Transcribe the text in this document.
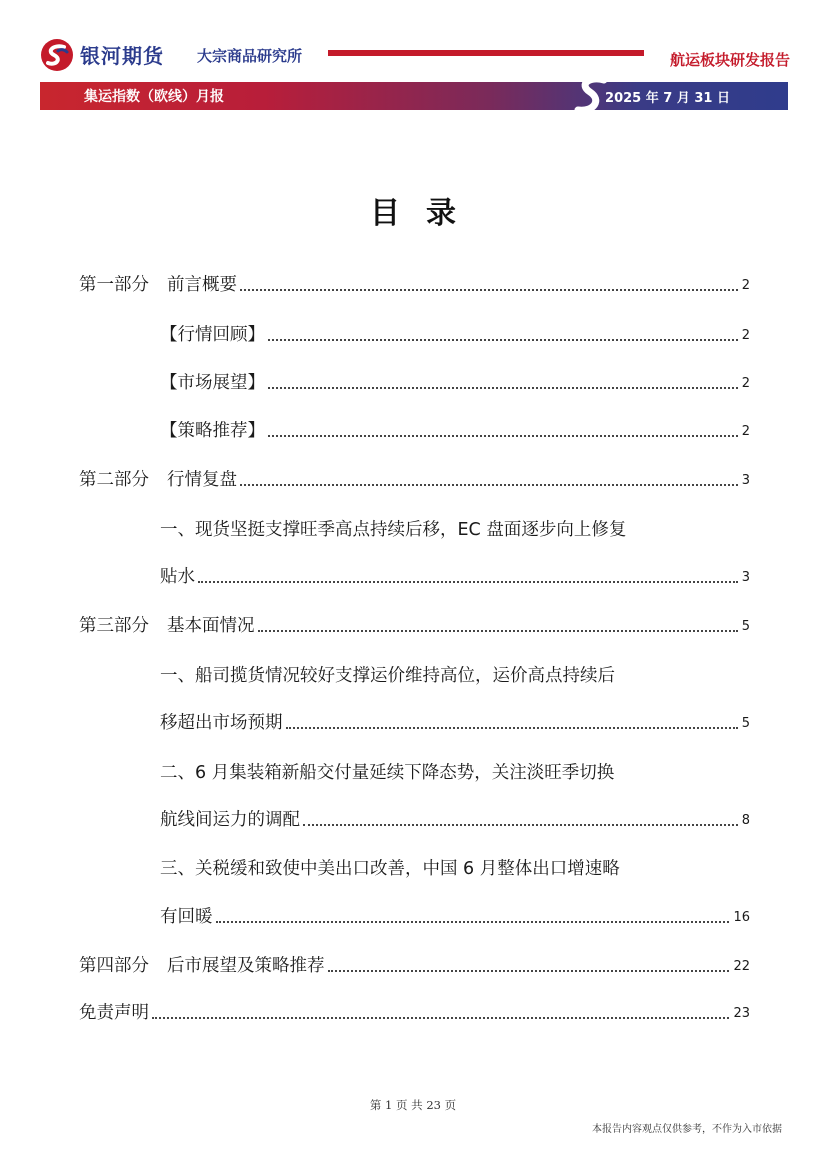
银河期货 大宗商品研究所	航运板块研发报告
集运指数（欧线）月报	2025 年 7 月 31 日
目录
第一部分 前言概要	2
【行情回顾】	2
【市场展望】	2
【策略推荐】	2
第二部分 行情复盘	3
一、现货坚挺支撑旺季高点持续后移，EC 盘面逐步向上修复
贴水	3
第三部分 基本面情况	5
一、船司揽货情况较好支撑运价维持高位，运价高点持续后
移超出市场预期	5
二、6 月集装箱新船交付量延续下降态势，关注淡旺季切换
航线间运力的调配	8
三、关税缓和致使中美出口改善，中国 6 月整体出口增速略
有回暖	16
第四部分 后市展望及策略推荐	22
免责声明	23
第 1 页 共 23 页
本报告内容观点仅供参考，不作为入市依据
